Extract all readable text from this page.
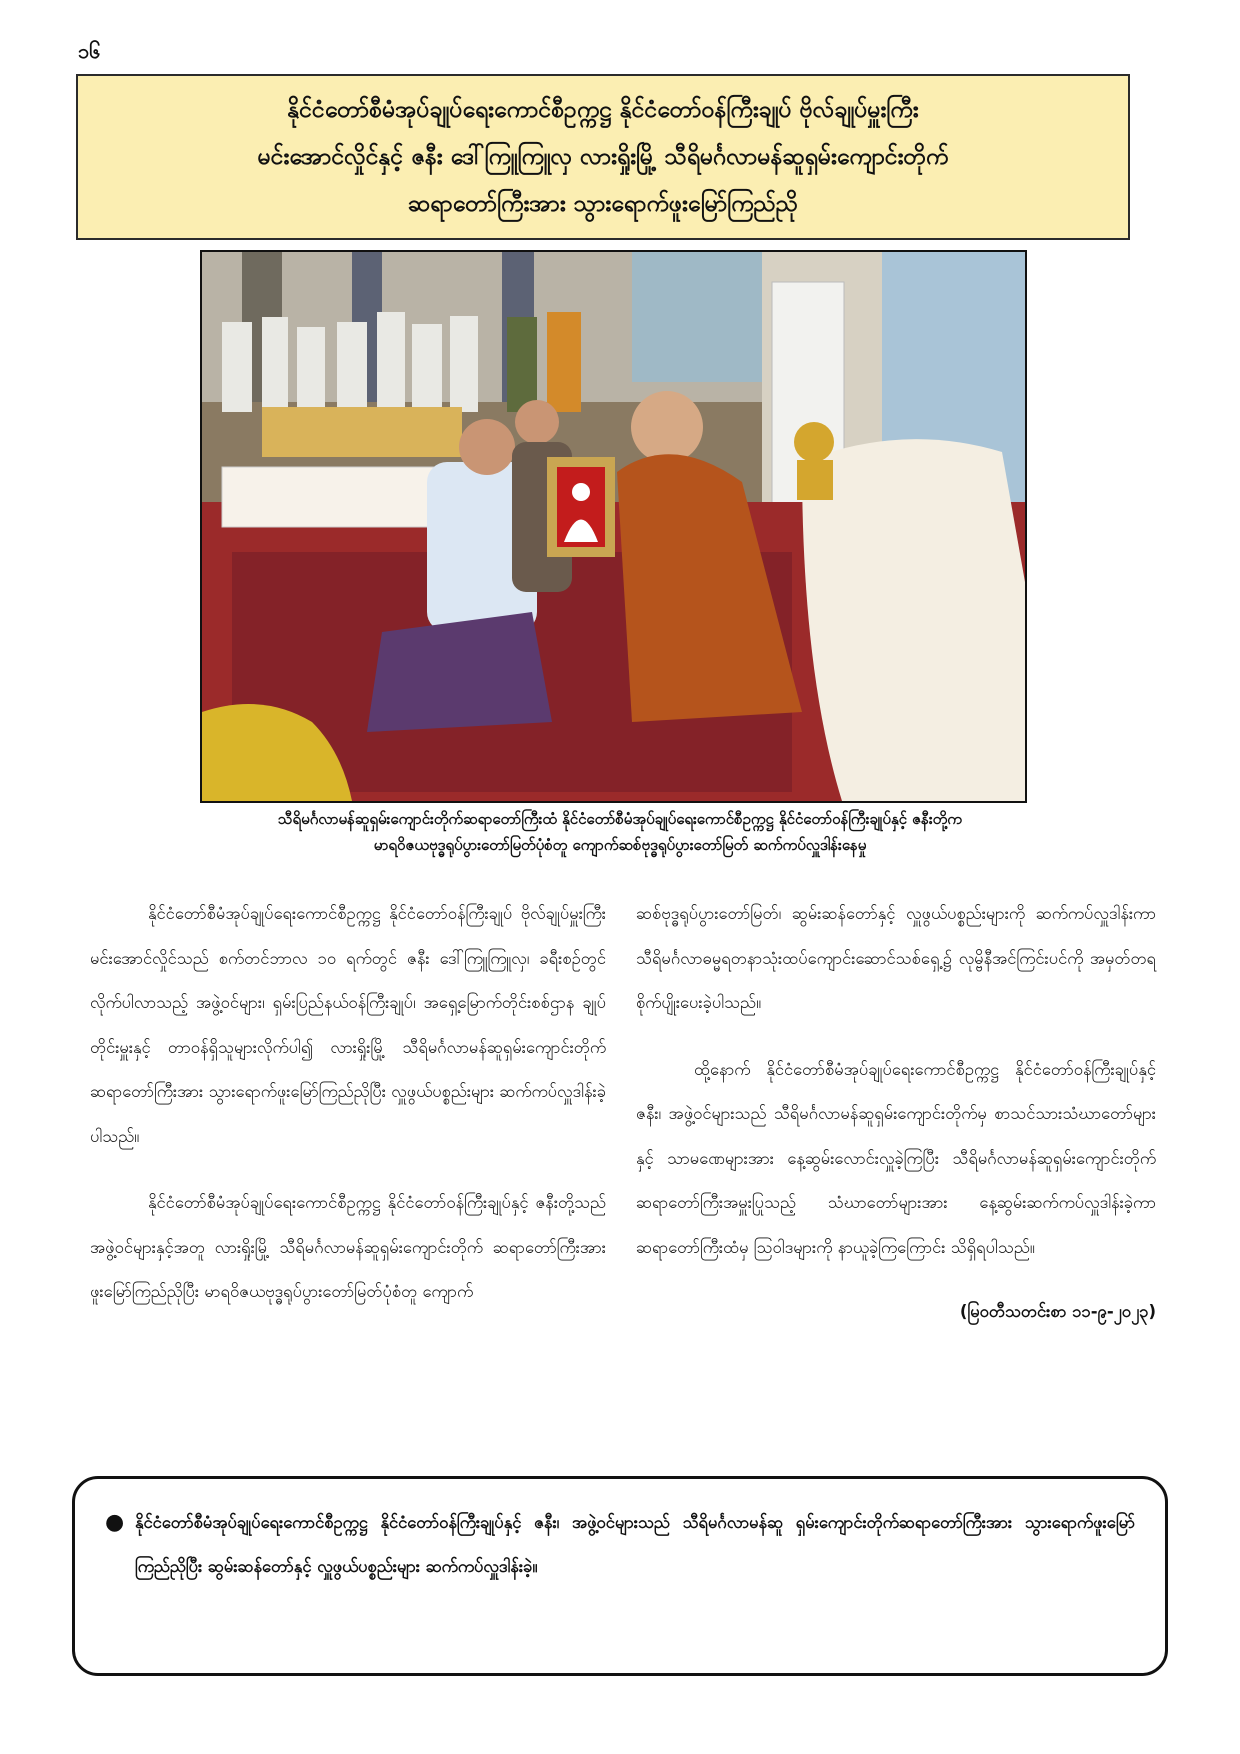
၁၆
နိုင်ငံတော်စီမံအုပ်ချုပ်ရေးကောင်စီဥက္ကဋ္ဌ နိုင်ငံတော်ဝန်ကြီးချုပ် ဗိုလ်ချုပ်မှူးကြီး
မင်းအောင်လှိုင်နှင့် ဇနီး ဒေါ်ကြူကြူလှ လားရှိုးမြို့ သီရိမင်္ဂလာမန်ဆူရှမ်းကျောင်းတိုက်
ဆရာတော်ကြီးအား သွားရောက်ဖူးမြော်ကြည်ညို
သီရိမင်္ဂလာမန်ဆူရှမ်းကျောင်းတိုက်ဆရာတော်ကြီးထံ နိုင်ငံတော်စီမံအုပ်ချုပ်ရေးကောင်စီဥက္ကဋ္ဌ နိုင်ငံတော်ဝန်ကြီးချုပ်နှင့် ဇနီးတို့က
မာရဝိဇယဗုဒ္ဓရုပ်ပွားတော်မြတ်ပုံစံတူ ကျောက်ဆစ်ဗုဒ္ဓရုပ်ပွားတော်မြတ် ဆက်ကပ်လှူဒါန်းနေမှု

နိုင်ငံတော်စီမံအုပ်ချုပ်ရေးကောင်စီဥက္ကဋ္ဌ နိုင်ငံတော်ဝန်ကြီးချုပ် ဗိုလ်ချုပ်မှူးကြီး မင်းအောင်လှိုင်သည် စက်တင်ဘာလ ၁၀ ရက်တွင် ဇနီး ဒေါ်ကြူကြူလှ၊ ခရီးစဉ်တွင် လိုက်ပါလာသည့် အဖွဲ့ဝင်များ၊ ရှမ်းပြည်နယ်ဝန်ကြီးချုပ်၊ အရှေ့မြောက်တိုင်းစစ်ဌာန ချုပ်တိုင်းမှူးနှင့် တာဝန်ရှိသူများလိုက်ပါ၍ လားရှိုးမြို့ သီရိမင်္ဂလာမန်ဆူရှမ်းကျောင်းတိုက်ဆရာတော်ကြီးအား သွားရောက်ဖူးမြော်ကြည်ညိုပြီး လှူဖွယ်ပစ္စည်းများ ဆက်ကပ်လှူဒါန်းခဲ့ပါသည်။

နိုင်ငံတော်စီမံအုပ်ချုပ်ရေးကောင်စီဥက္ကဋ္ဌ နိုင်ငံတော်ဝန်ကြီးချုပ်နှင့် ဇနီးတို့သည် အဖွဲ့ဝင်များနှင့်အတူ လားရှိုးမြို့ သီရိမင်္ဂလာမန်ဆူရှမ်းကျောင်းတိုက် ဆရာတော်ကြီးအား ဖူးမြော်ကြည်ညိုပြီး မာရဝိဇယဗုဒ္ဓရုပ်ပွားတော်မြတ်ပုံစံတူ ကျောက်

ဆစ်ဗုဒ္ဓရုပ်ပွားတော်မြတ်၊ ဆွမ်းဆန်တော်နှင့် လှူဖွယ်ပစ္စည်းများကို ဆက်ကပ်လှူဒါန်းကာ သီရိမင်္ဂလာဓမ္မရတနာသုံးထပ်ကျောင်းဆောင်သစ်ရှေ့၌ လုမ္ဗိနီအင်ကြင်းပင်ကို အမှတ်တရ စိုက်ပျိုးပေးခဲ့ပါသည်။

ထို့နောက် နိုင်ငံတော်စီမံအုပ်ချုပ်ရေးကောင်စီဥက္ကဋ္ဌ နိုင်ငံတော်ဝန်ကြီးချုပ်နှင့် ဇနီး၊ အဖွဲ့ဝင်များသည် သီရိမင်္ဂလာမန်ဆူရှမ်းကျောင်းတိုက်မှ စာသင်သားသံဃာတော်များနှင့် သာမဏေများအား နေ့ဆွမ်းလောင်းလှူခဲ့ကြပြီး သီရိမင်္ဂလာမန်ဆူရှမ်းကျောင်းတိုက်ဆရာတော်ကြီးအမှူးပြုသည့် သံဃာတော်များအား နေ့ဆွမ်းဆက်ကပ်လှူဒါန်းခဲ့ကာ ဆရာတော်ကြီးထံမှ ဩဝါဒများကို နာယူခဲ့ကြကြောင်း သိရှိရပါသည်။

(မြဝတီသတင်းစာ ၁၁-၉-၂၀၂၃)
● နိုင်ငံတော်စီမံအုပ်ချုပ်ရေးကောင်စီဥက္ကဋ္ဌ နိုင်ငံတော်ဝန်ကြီးချုပ်နှင့် ဇနီး၊ အဖွဲ့ဝင်များသည် သီရိမင်္ဂလာမန်ဆူ ရှမ်းကျောင်းတိုက်ဆရာတော်ကြီးအား သွားရောက်ဖူးမြော်ကြည်ညိုပြီး ဆွမ်းဆန်တော်နှင့် လှူဖွယ်ပစ္စည်းများ ဆက်ကပ်လှူဒါန်းခဲ့။
